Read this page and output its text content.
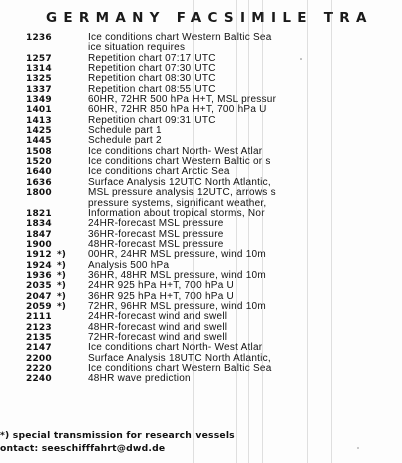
GERMANY FACSIMILE TRA
1236	Ice conditions chart Western Baltic Sea
ice situation requires
1257	Repetition chart 07:17 UTC
1314	Repetition chart 07:30 UTC
1325	Repetition chart 08:30 UTC
1337	Repetition chart 08:55 UTC
1349	60HR, 72HR 500 hPa H+T, MSL pressur
1401	60HR, 72HR 850 hPa H+T, 700 hPa U
1413	Repetition chart 09:31 UTC
1425	Schedule part 1
1445	Schedule part 2
1508	Ice conditions chart North- West Atlar
1520	Ice conditions chart Western Baltic or s
1640	Ice conditions chart Arctic Sea
1636	Surface Analysis 12UTC North Atlantic,
1800	MSL pressure analysis 12UTC, arrows s
pressure systems, significant weather,
1821	Information about tropical storms, Nor
1834	24HR-forecast MSL pressure
1847	36HR-forecast MSL pressure
1900	48HR-forecast MSL pressure
1912 *) 00HR, 24HR MSL pressure, wind 10m
1924 *) Analysis 500 hPa
1936 *) 36HR, 48HR MSL pressure, wind 10m
2035 *) 24HR 925 hPa H+T, 700 hPa U
2047 *) 36HR 925 hPa H+T, 700 hPa U
2059 *) 72HR, 96HR MSL pressure, wind 10m
2111	24HR-forecast wind and swell
2123	48HR-forecast wind and swell
2135	72HR-forecast wind and swell
2147	Ice conditions chart North- West Atlar
2200	Surface Analysis 18UTC North Atlantic,
2220	Ice conditions chart Western Baltic Sea
2240	48HR wave prediction
*) special transmission for research vessels
ontact: seeschifffahrt@dwd.de
